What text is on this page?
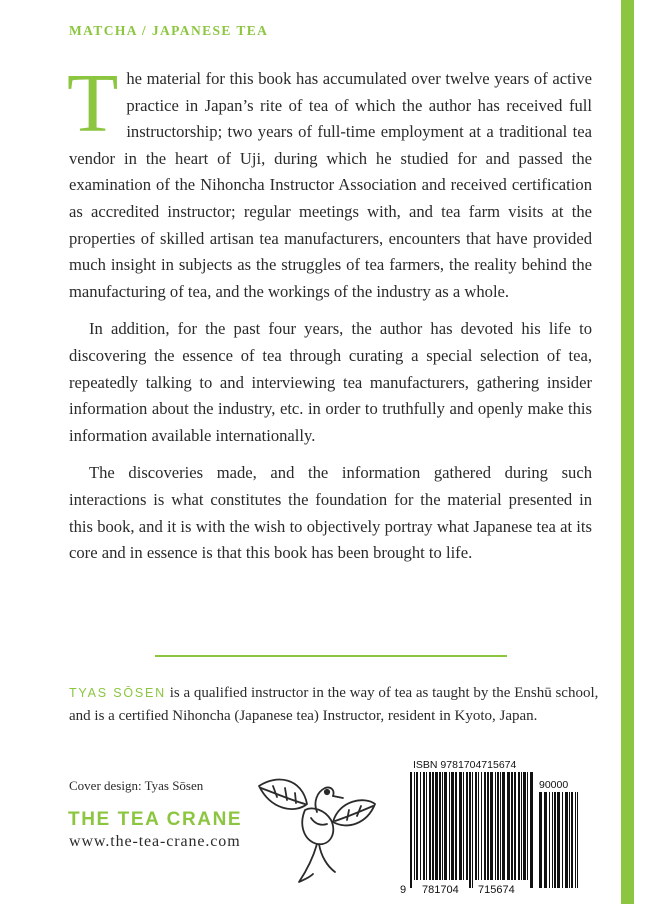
MATCHA / JAPANESE TEA

The material for this book has accumulated over twelve years of active practice in Japan’s rite of tea of which the author has received full instructorship; two years of full-time employment at a traditional tea vendor in the heart of Uji, during which he studied for and passed the examination of the Nihoncha Instructor Association and received certification as accredited instructor; regular meetings with, and tea farm visits at the properties of skilled artisan tea manufacturers, encounters that have provided much insight in subjects as the struggles of tea farmers, the reality behind the manufacturing of tea, and the workings of the industry as a whole.

In addition, for the past four years, the author has devoted his life to discovering the essence of tea through curating a special selection of tea, repeatedly talking to and interviewing tea manufacturers, gathering insider information about the industry, etc. in order to truthfully and openly make this information available internationally.

The discoveries made, and the information gathered during such interactions is what constitutes the foundation for the material presented in this book, and it is with the wish to objectively portray what Japanese tea at its core and in essence is that this book has been brought to life.

TYAS SŌSEN is a qualified instructor in the way of tea as taught by the Enshū school, and is a certified Nihoncha (Japanese tea) Instructor, resident in Kyoto, Japan.
Cover design: Tyas Sōsen
THE TEA CRANE
www.the-tea-crane.com
ISBN 9781704715674
90000
9 781704 715674
